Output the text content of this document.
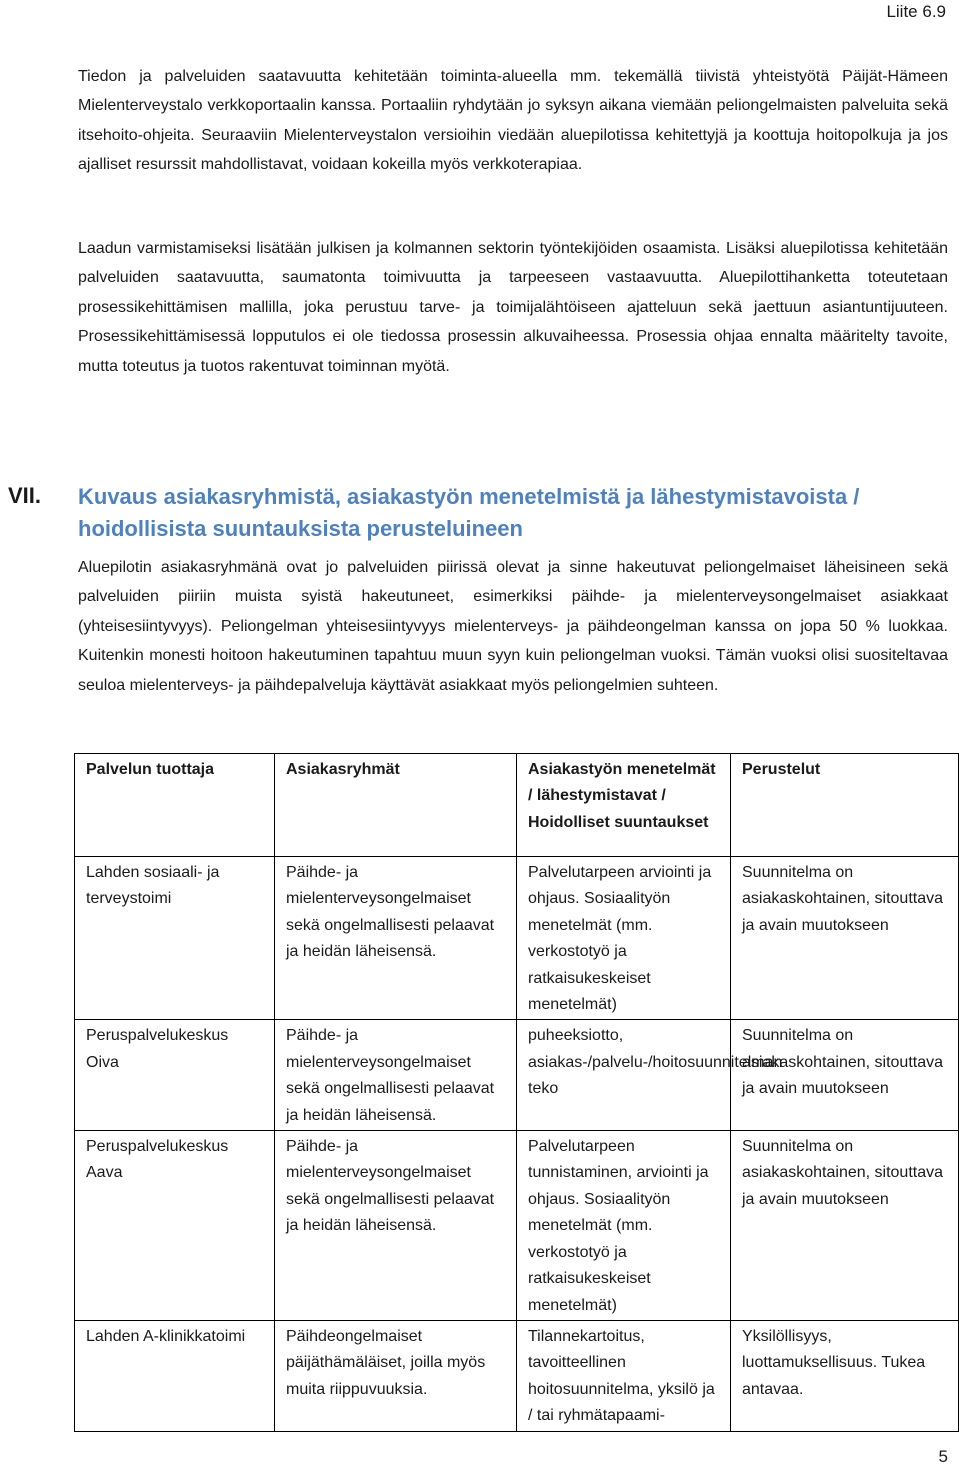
Liite 6.9

Tiedon ja palveluiden saatavuutta kehitetään toiminta-alueella mm. tekemällä tiivistä yhteistyötä Päijät-Hämeen Mielenterveystalo verkkoportaalin kanssa. Portaaliin ryhdytään jo syksyn aikana viemään peliongelmaisten palveluita sekä itsehoito-ohjeita. Seuraaviin Mielenterveystalon versioihin viedään aluepilotissa kehitettyjä ja koottuja hoitopolkuja ja jos ajalliset resurssit mahdollistavat, voidaan kokeilla myös verkkoterapiaa.

Laadun varmistamiseksi lisätään julkisen ja kolmannen sektorin työntekijöiden osaamista. Lisäksi aluepilotissa kehitetään palveluiden saatavuutta, saumatonta toimivuutta ja tarpeeseen vastaavuutta. Aluepilottihanketta toteutetaan prosessikehittämisen mallilla, joka perustuu tarve- ja toimijalähtöiseen ajatteluun sekä jaettuun asiantuntijuuteen. Prosessikehittämisessä lopputulos ei ole tiedossa prosessin alkuvaiheessa. Prosessia ohjaa ennalta määritelty tavoite, mutta toteutus ja tuotos rakentuvat toiminnan myötä.

VII. Kuvaus asiakasryhmistä, asiakastyön menetelmistä ja lähestymistavoista / hoidollisista suuntauksista perusteluineen

Aluepilotin asiakasryhmänä ovat jo palveluiden piirissä olevat ja sinne hakeutuvat peliongelmaiset läheisineen sekä palveluiden piiriin muista syistä hakeutuneet, esimerkiksi päihde- ja mielenterveysongelmaiset asiakkaat (yhteisesiintyvyys). Peliongelman yhteisesiintyvyys mielenterveys- ja päihdeongelman kanssa on jopa 50 % luokkaa. Kuitenkin monesti hoitoon hakeutuminen tapahtuu muun syyn kuin peliongelman vuoksi. Tämän vuoksi olisi suositeltavaa seuloa mielenterveys- ja päihdepalveluja käyttävät asiakkaat myös peliongelmien suhteen.

Palvelun tuottaja	Asiakasryhmät	Asiakastyön menetelmät / lähestymistavat / Hoidolliset suuntaukset	Perustelut
Lahden sosiaali- ja terveystoimi	Päihde- ja mielenterveysongelmaiset sekä ongelmallisesti pelaavat ja heidän läheisensä.	Palvelutarpeen arviointi ja ohjaus. Sosiaalityön menetelmät (mm. verkostotyö ja ratkaisukeskeiset menetelmät)	Suunnitelma on asiakaskohtainen, sitouttava ja avain muutokseen
Peruspalvelukeskus Oiva	Päihde- ja mielenterveysongelmaiset sekä ongelmallisesti pelaavat ja heidän läheisensä.	puheeksiotto, asiakas-/palvelu-/hoitosuunnitelman teko	Suunnitelma on asiakaskohtainen, sitouttava ja avain muutokseen
Peruspalvelukeskus Aava	Päihde- ja mielenterveysongelmaiset sekä ongelmallisesti pelaavat ja heidän läheisensä.	Palvelutarpeen tunnistaminen, arviointi ja ohjaus. Sosiaalityön menetelmät (mm. verkostotyö ja ratkaisukeskeiset menetelmät)	Suunnitelma on asiakaskohtainen, sitouttava ja avain muutokseen
Lahden A-klinikkatoimi	Päihdeongelmaiset päijäthämäläiset, joilla myös muita riippuvuuksia.	Tilannekartoitus, tavoitteellinen hoitosuunnitelma, yksilö ja / tai ryhmätapaami-	Yksilöllisyys, luottamuksellisuus. Tukea antavaa.
5
